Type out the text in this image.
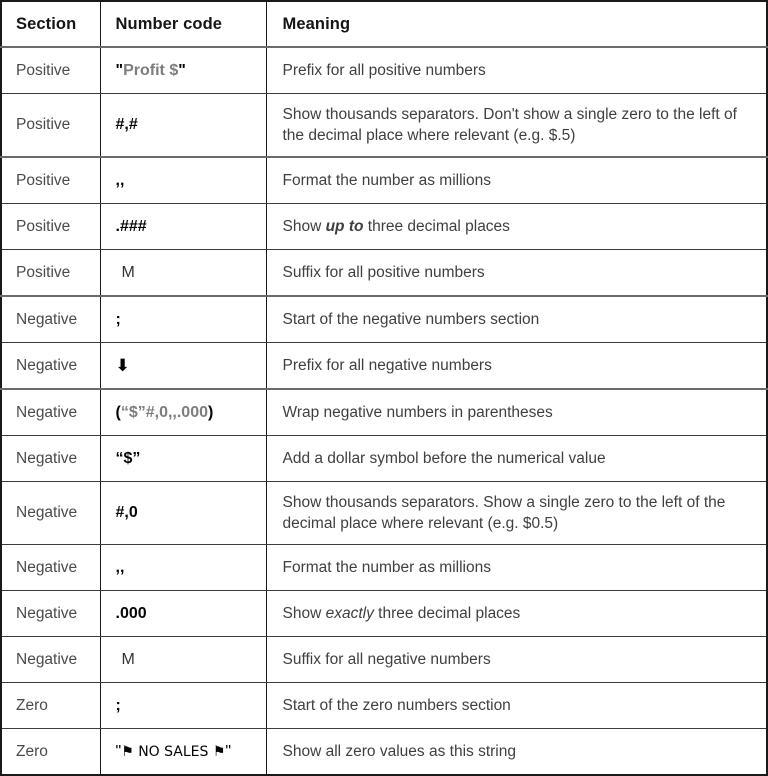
Section	Number code	Meaning

Positive	"Profit $"	Prefix for all positive numbers

Positive	#,#	Show thousands separators. Don't show a single zero to the left of the decimal place where relevant (e.g. $.5)

Positive	,,	Format the number as millions

Positive	.###	Show up to three decimal places

Positive	M	Suffix for all positive numbers

Negative	;	Start of the negative numbers section

Negative	⬇	Prefix for all negative numbers

Negative	(“$”#,0,,.000)	Wrap negative numbers in parentheses

Negative	“$”	Add a dollar symbol before the numerical value

Negative	#,0	Show thousands separators. Show a single zero to the left of the decimal place where relevant (e.g. $0.5)

Negative	,,	Format the number as millions

Negative	.000	Show exactly three decimal places

Negative	M	Suffix for all negative numbers

Zero	;	Start of the zero numbers section

Zero	"⚑ NO SALES ⚑"	Show all zero values as this string
